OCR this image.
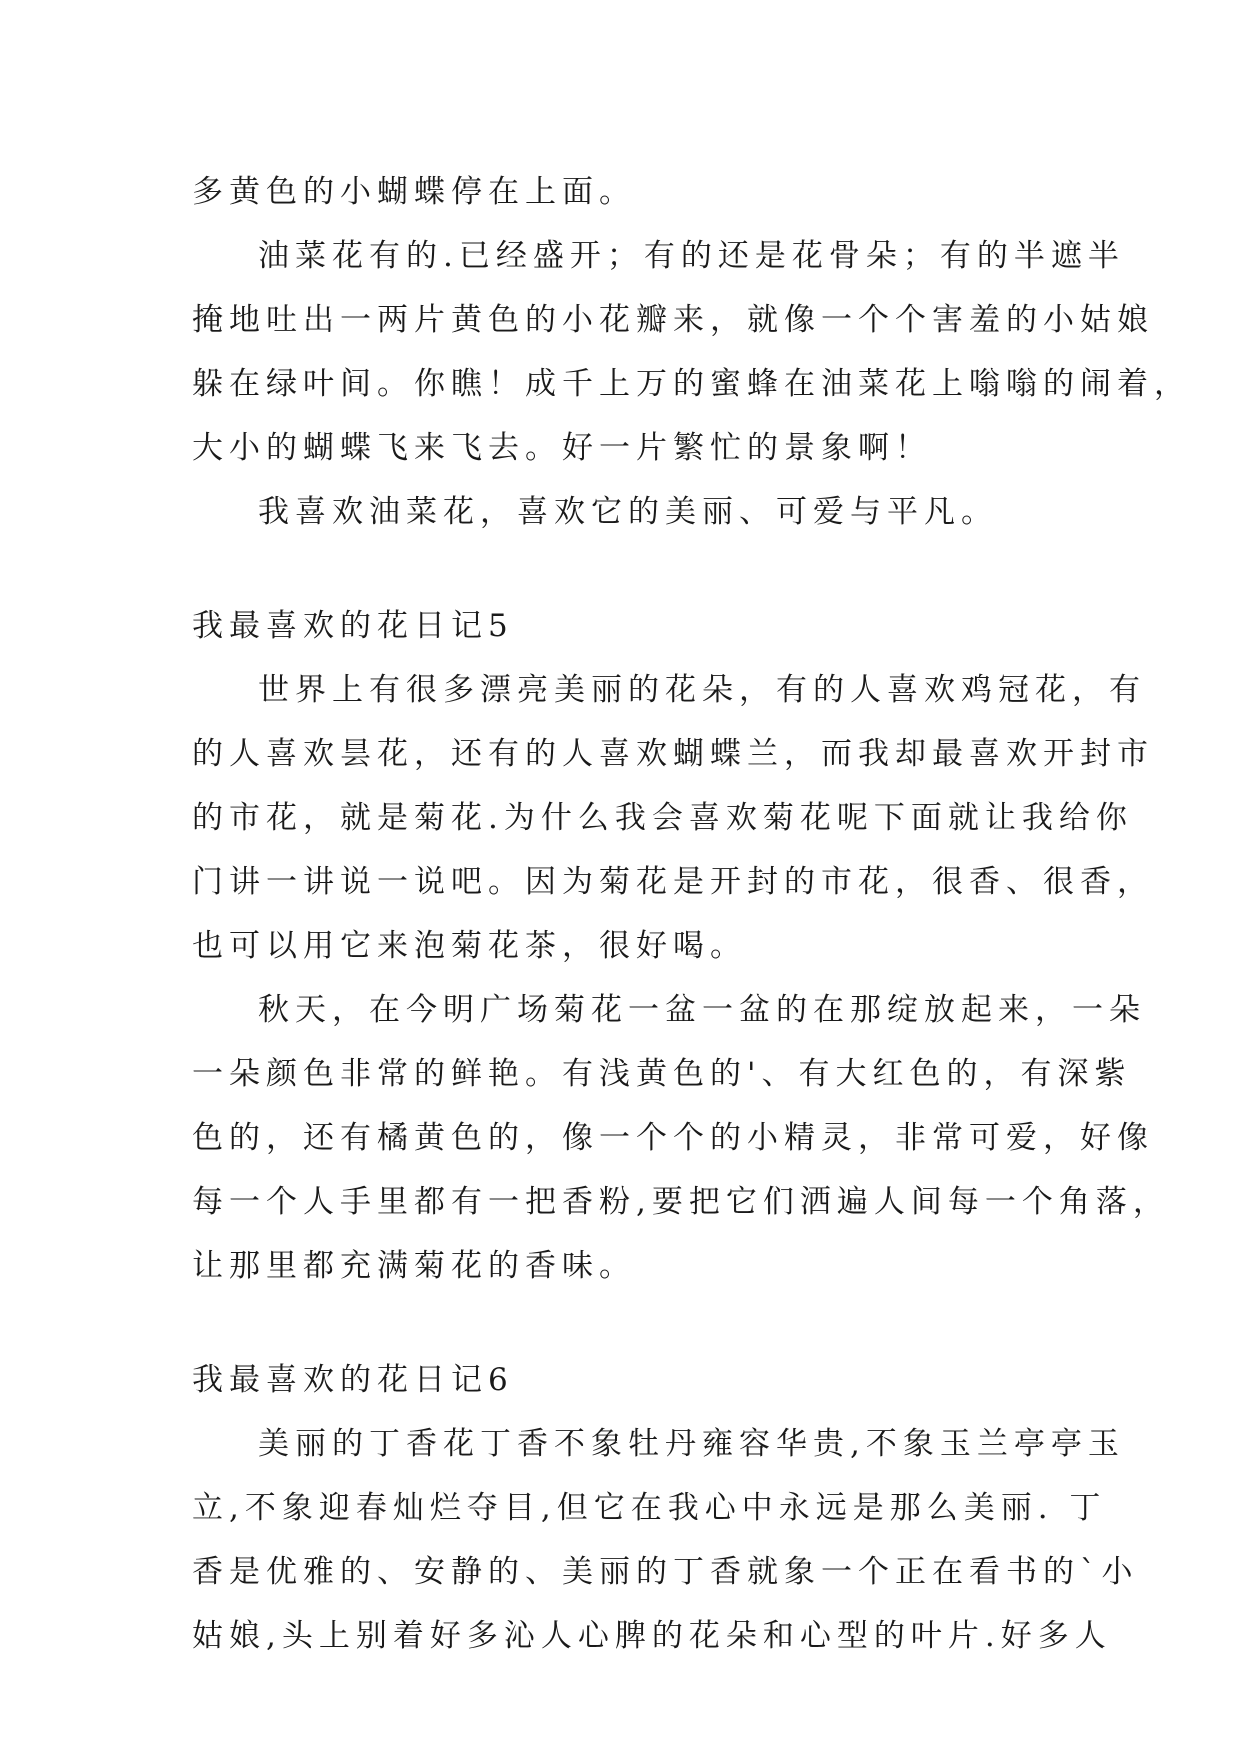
多黄色的小蝴蝶停在上面。
油菜花有的.已经盛开；有的还是花骨朵；有的半遮半
掩地吐出一两片黄色的小花瓣来，就像一个个害羞的小姑娘
躲在绿叶间。你瞧！成千上万的蜜蜂在油菜花上嗡嗡的闹着，
大小的蝴蝶飞来飞去。好一片繁忙的景象啊！
我喜欢油菜花，喜欢它的美丽、可爱与平凡。
我最喜欢的花日记5
世界上有很多漂亮美丽的花朵，有的人喜欢鸡冠花，有
的人喜欢昙花，还有的人喜欢蝴蝶兰，而我却最喜欢开封市
的市花，就是菊花.为什么我会喜欢菊花呢下面就让我给你
门讲一讲说一说吧。因为菊花是开封的市花，很香、很香，
也可以用它来泡菊花茶，很好喝。
秋天，在今明广场菊花一盆一盆的在那绽放起来，一朵
一朵颜色非常的鲜艳。有浅黄色的'、有大红色的，有深紫
色的，还有橘黄色的，像一个个的小精灵，非常可爱，好像
每一个人手里都有一把香粉,要把它们洒遍人间每一个角落，
让那里都充满菊花的香味。
我最喜欢的花日记6
美丽的丁香花丁香不象牡丹雍容华贵,不象玉兰亭亭玉
立,不象迎春灿烂夺目,但它在我心中永远是那么美丽. 丁
香是优雅的、安静的、美丽的丁香就象一个正在看书的`小
姑娘,头上别着好多沁人心脾的花朵和心型的叶片.好多人
